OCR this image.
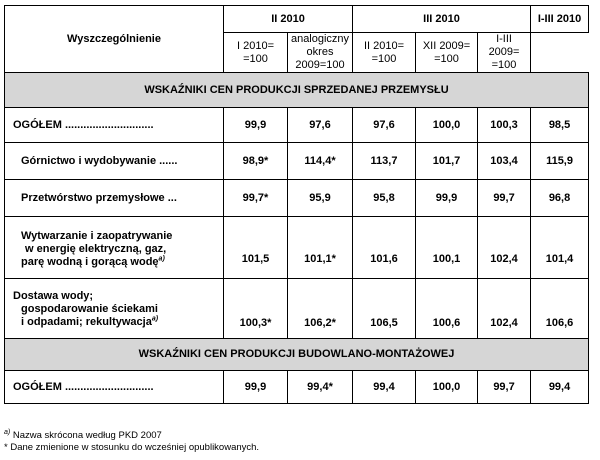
Wyszczególnienie	II 2010		III 2010			I-III 2010
	I 2010= =100	analogiczny okres 2009=100	II 2010= =100	XII 2009= =100	I-III 2009= =100	
WSKAŹNIKI CEN PRODUKCJI SPRZEDANEJ PRZEMYSŁU						
OGÓŁEM .............................	99,9	97,6	97,6	100,0	100,3	98,5
Górnictwo i wydobywanie ......	98,9*	114,4*	113,7	101,7	103,4	115,9
Przetwórstwo przemysłowe ...	99,7*	95,9	95,8	99,9	99,7	96,8

Wytwarzanie i zaopatrywanie
w energię elektryczną, gaz,
parę wodną i gorącą wodę$^{a)}$	101,5	101,1*	101,6	100,1	102,4	101,4

Dostawa wody;
gospodarowanie ściekami
i odpadami; rekultywacja$^{a)}$	100,3*	106,2*	106,5	100,6	102,4	106,6
WSKAŹNIKI CEN PRODUKCJI BUDOWLANO-MONTAŻOWEJ						
OGÓŁEM .............................	99,9	99,4*	99,4	100,0	99,7	99,4
$^{a)}$ Nazwa skrócona według PKD 2007
* Dane zmienione w stosunku do wcześniej opublikowanych.
